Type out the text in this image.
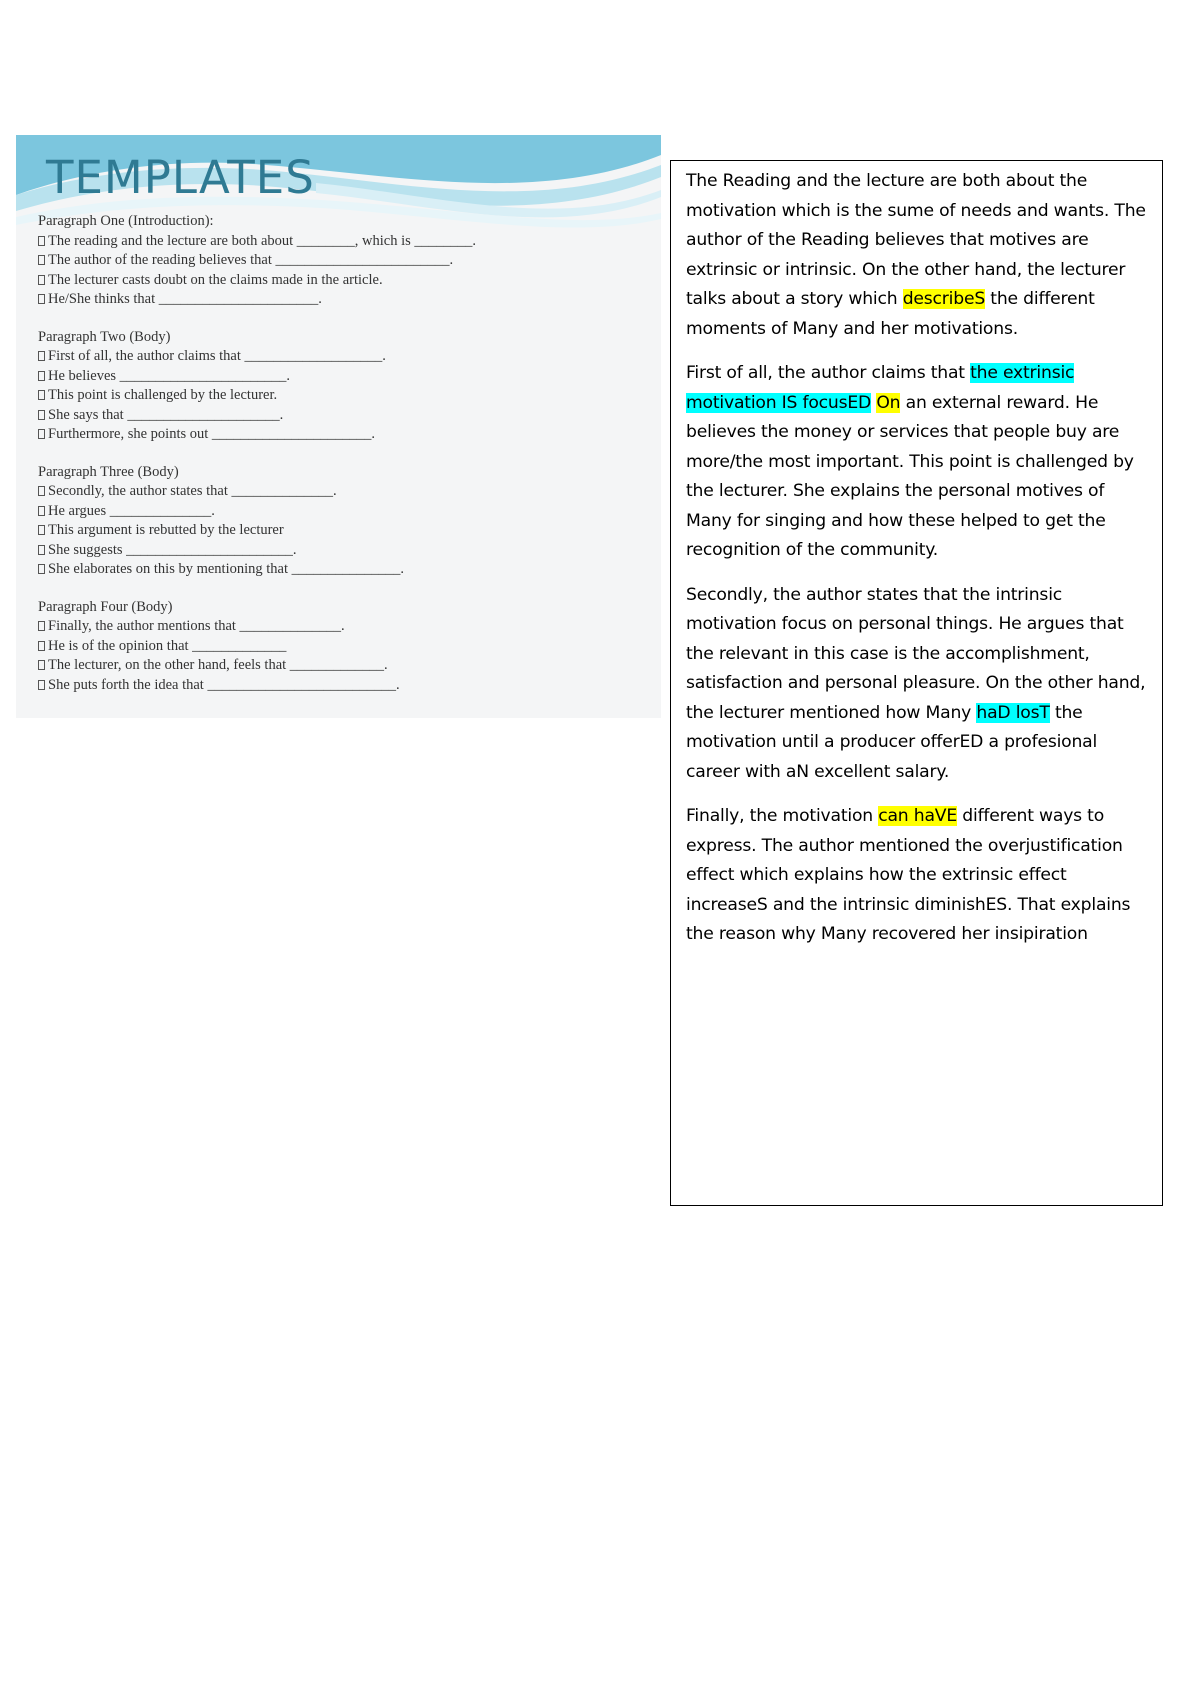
TEMPLATES
Paragraph One (Introduction):
The reading and the lecture are both about ________, which is ________.
The author of the reading believes that ________________________.
The lecturer casts doubt on the claims made in the article.
He/She thinks that ______________________.
Paragraph Two (Body)
First of all, the author claims that ___________________.
He believes _______________________.
This point is challenged by the lecturer.
She says that _____________________.
Furthermore, she points out ______________________.
Paragraph Three (Body)
Secondly, the author states that ______________.
He argues ______________.
This argument is rebutted by the lecturer
She suggests _______________________.
She elaborates on this by mentioning that _______________.
Paragraph Four (Body)
Finally, the author mentions that ______________.
He is of the opinion that _____________
The lecturer, on the other hand, feels that _____________.
She puts forth the idea that __________________________.

The Reading and the lecture are both about the motivation which is the sume of needs and wants. The author of the Reading believes that motives are extrinsic or intrinsic. On the other hand, the lecturer talks about a story which describeS the different moments of Many and her motivations.

First of all, the author claims that the extrinsic motivation IS focusED On an external reward. He believes the money or services that people buy are more/the most important. This point is challenged by the lecturer. She explains the personal motives of Many for singing and how these helped to get the recognition of the community.

Secondly, the author states that the intrinsic motivation focus on personal things. He argues that the relevant in this case is the accomplishment, satisfaction and personal pleasure. On the other hand, the lecturer mentioned how Many haD losT the motivation until a producer offerED a profesional career with aN excellent salary.

Finally, the motivation can haVE different ways to express. The author mentioned the overjustification effect which explains how the extrinsic effect increaseS and the intrinsic diminishES. That explains the reason why Many recovered her insipiration
